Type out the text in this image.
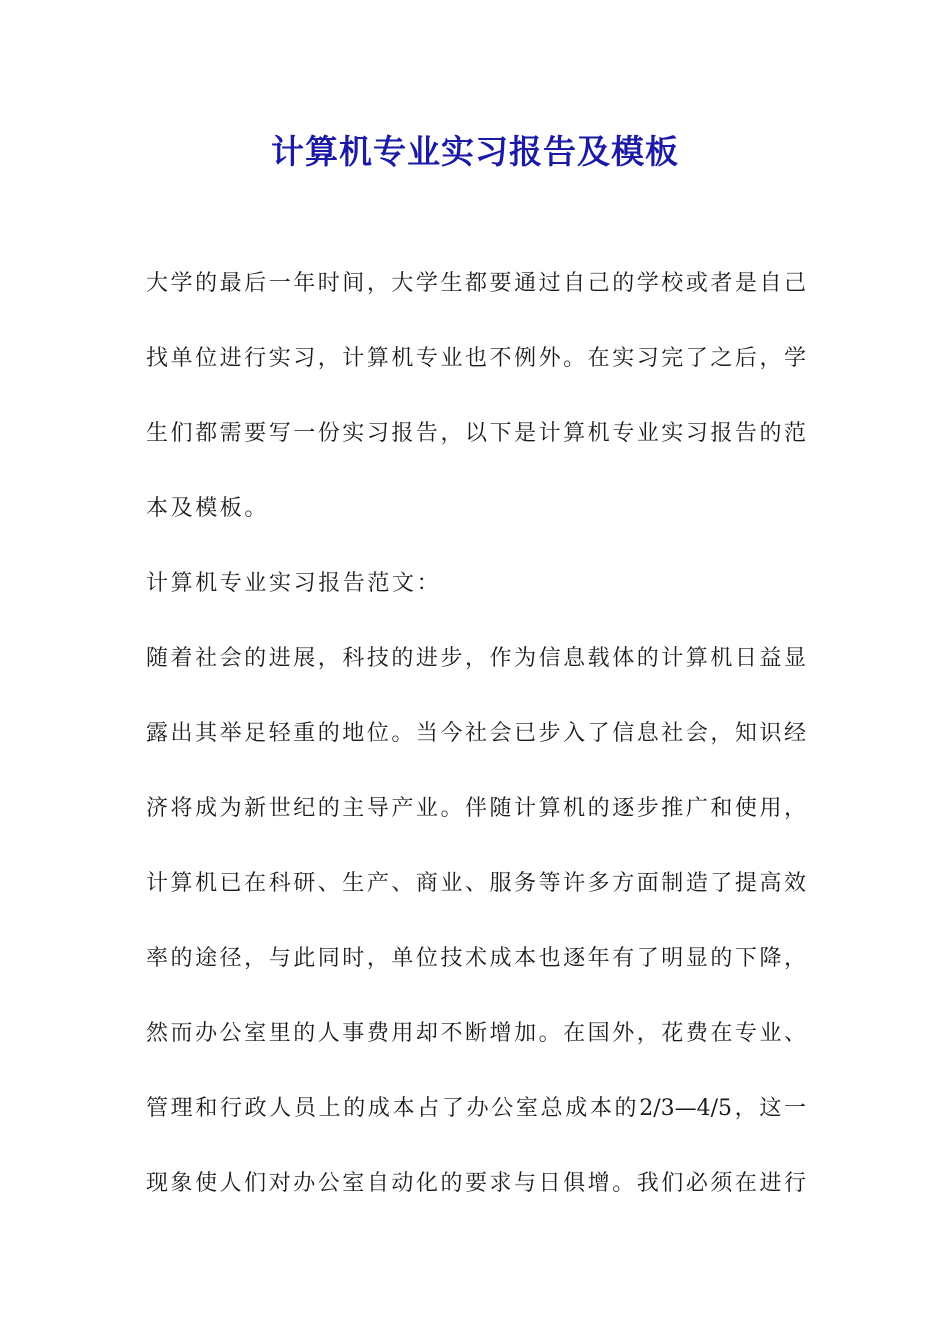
计算机专业实习报告及模板

大学的最后一年时间，大学生都要通过自己的学校或者是自己

找单位进行实习，计算机专业也不例外。在实习完了之后，学

生们都需要写一份实习报告，以下是计算机专业实习报告的范

本及模板。

计算机专业实习报告范文：

随着社会的进展，科技的进步，作为信息载体的计算机日益显

露出其举足轻重的地位。当今社会已步入了信息社会，知识经

济将成为新世纪的主导产业。伴随计算机的逐步推广和使用，

计算机已在科研、生产、商业、服务等许多方面制造了提高效

率的途径，与此同时，单位技术成本也逐年有了明显的下降，

然而办公室里的人事费用却不断增加。在国外，花费在专业、

管理和行政人员上的成本占了办公室总成本的2/3—4/5，这一

现象使人们对办公室自动化的要求与日俱增。我们必须在进行
